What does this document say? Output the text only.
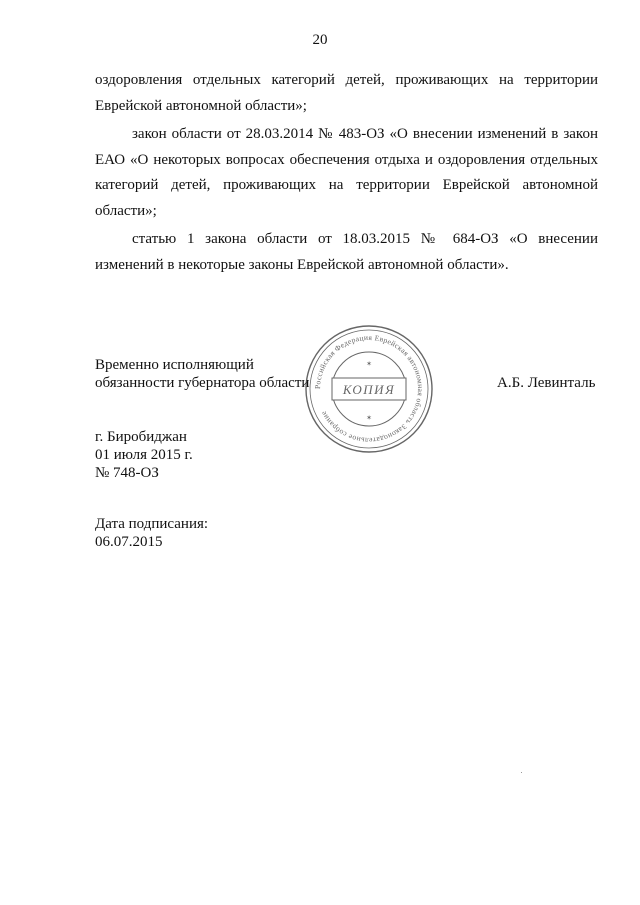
20

оздоровления отдельных категорий детей, проживающих на территории Еврейской автономной области»;

закон области от 28.03.2014 № 483-ОЗ «О внесении изменений в закон ЕАО «О некоторых вопросах обеспечения отдыха и оздоровления отдельных категорий детей, проживающих на территории Еврейской автономной области»;

статью 1 закона области от 18.03.2015 № 684-ОЗ «О внесении изменений в некоторые законы Еврейской автономной области».

Временно исполняющий
обязанности губернатора области Российская Федерация Еврейская автономная область Законодательное собрание
КОПИЯ
✶
✶
А.Б. Левинталь
г. Биробиджан
01 июля 2015 г.
№ 748-ОЗ
Дата подписания:
06.07.2015
